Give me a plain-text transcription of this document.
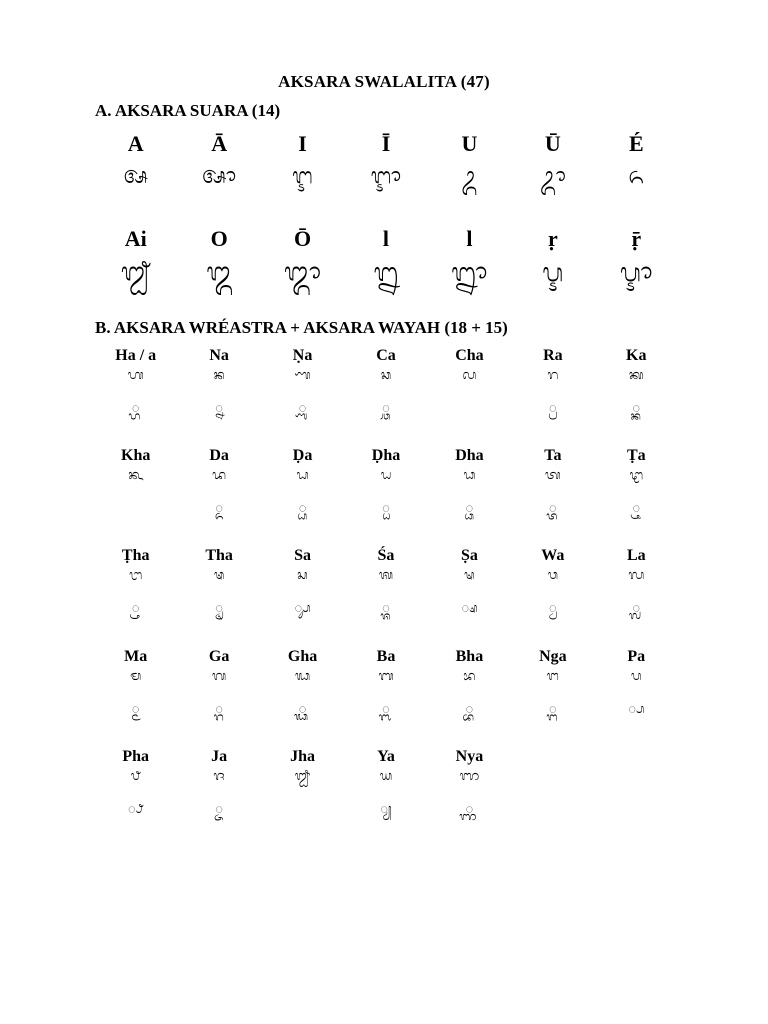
AKSARA SWALALITA (47)
A. AKSARA SUARA (14)
A
ᬅ
Ā
ᬆ
I
ᬇ
Ī
ᬈ
U
ᬉ
Ū
ᬊ
É
ᬏ
Ai
ᬐ
O
ᬑ
Ō
ᬒ
l
ᬍ
l
ᬎ
ṛ
ᬋ
ṝ
ᬌ
B. AKSARA WRÉASTRA + AKSARA WAYAH (18 + 15)
Ha / a
ᬳ
◌᭄ᬳ
Na
ᬦ
◌᭄ᬦ
Ṇa
ᬡ
◌᭄ᬡ
Ca
ᬘ
◌᭄ᬘ
Cha
ᬙ
Ra
ᬭ
◌᭄ᬭ
Ka
ᬓ
◌᭄ᬓ
Kha
ᬔ
Da
ᬤ
◌᭄ᬤ
Ḍa
ᬟ
◌᭄ᬟ
Ḍha
ᬠ
◌᭄ᬠ
Dha
ᬥ
◌᭄ᬥ
Ta
ᬢ
◌᭄ᬢ
Ṭa
ᬝ
◌᭄ᬝ
Ṭha
ᬞ
◌᭄ᬞ
Tha
ᬣ
◌᭄ᬣ
Sa
ᬲ
◌᭄ᬲ
Śa
ᬰ
◌᭄ᬰ
Ṣa
ᬱ
◌᭄ᬱ
Wa
ᬯ
◌᭄ᬯ
La
ᬮ
◌᭄ᬮ
Ma
ᬫ
◌᭄ᬫ
Ga
ᬕ
◌᭄ᬕ
Gha
ᬖ
◌᭄ᬖ
Ba
ᬩ
◌᭄ᬩ
Bha
ᬪ
◌᭄ᬪ
Nga
ᬗ
◌᭄ᬗ
Pa
ᬧ
◌᭄ᬧ
Pha
ᬨ
◌᭄ᬨ
Ja
ᬚ
◌᭄ᬚ
Jha
ᬛ
Ya
ᬬ
◌᭄ᬬ
Nya
ᬜ
◌᭄ᬜ
